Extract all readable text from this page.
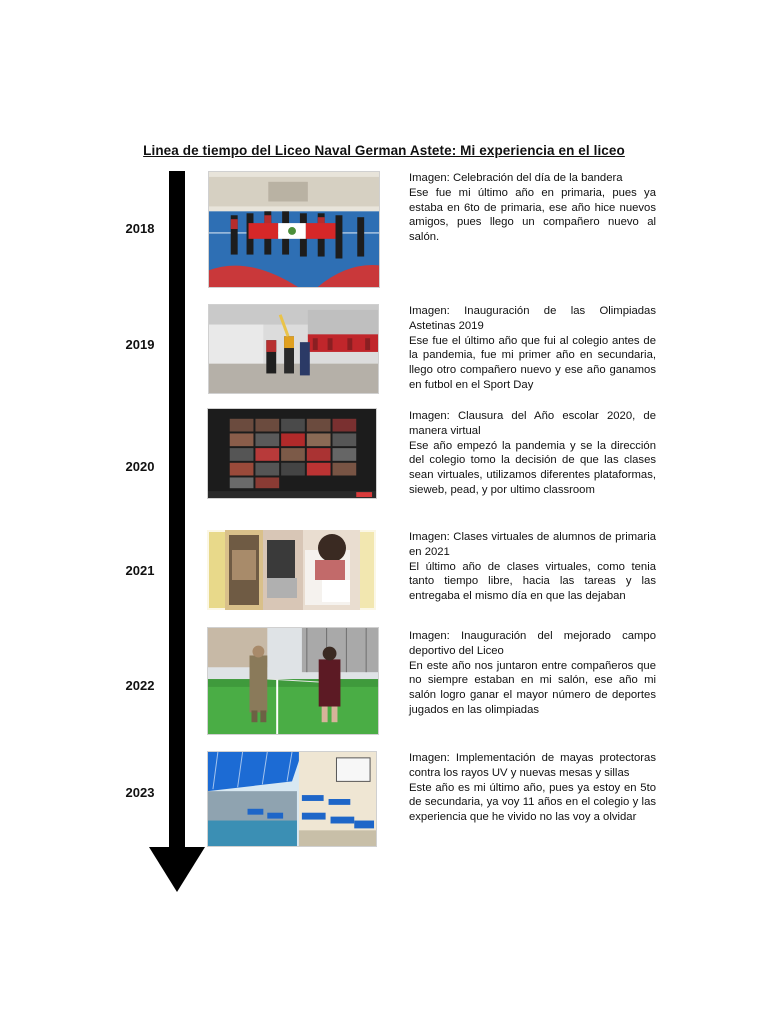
Linea de tiempo del Liceo Naval German Astete: Mi experiencia en el liceo
2018
Imagen: Celebración del día de la bandera
Ese fue mi último año en primaria, pues ya estaba en 6to de primaria, ese año hice nuevos amigos, pues llego un compañero nuevo al salón.
2019
Imagen: Inauguración de las Olimpiadas Astetinas 2019
Ese fue el último año que fui al colegio antes de la pandemia, fue mi primer año en secundaria, llego otro compañero nuevo y ese año ganamos en futbol en el Sport Day
2020
Imagen: Clausura del Año escolar 2020, de manera virtual
Ese año empezó la pandemia y se la dirección del colegio tomo la decisión de que las clases sean virtuales, utilizamos diferentes plataformas, sieweb, pead, y por ultimo classroom
2021
Imagen: Clases virtuales de alumnos de primaria en 2021
El último año de clases virtuales, como tenia tanto tiempo libre, hacia las tareas y las entregaba el mismo día en que las dejaban
2022
Imagen: Inauguración del mejorado campo deportivo del Liceo
En este año nos juntaron entre compañeros que no siempre estaban en mi salón, ese año mi salón logro ganar el mayor número de deportes jugados en las olimpiadas
2023
Imagen: Implementación de mayas protectoras contra los rayos UV y nuevas mesas y sillas
Este año es mi último año, pues ya estoy en 5to de secundaria, ya voy 11 años en el colegio y las experiencia que he vivido no las voy a olvidar
